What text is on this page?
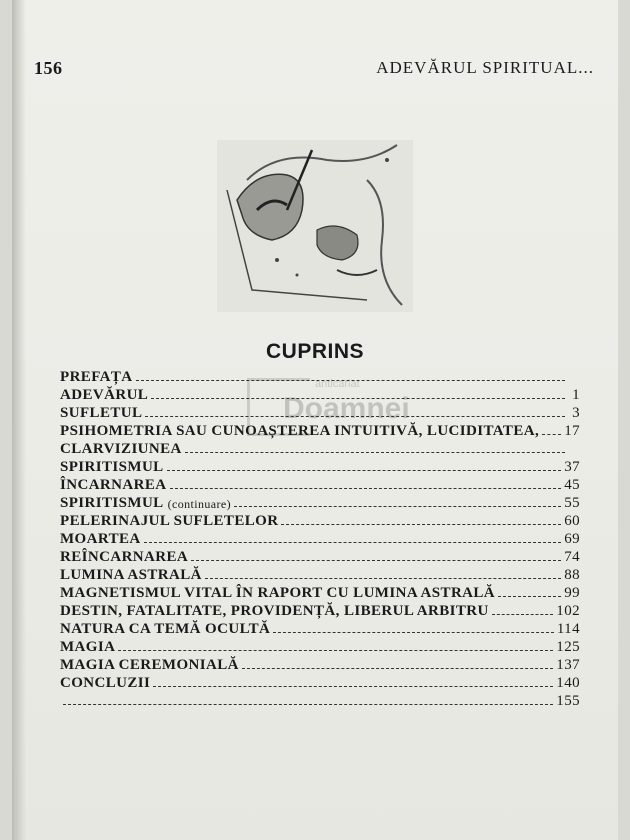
156	ADEVĂRUL SPIRITUAL...
CUPRINS
anticariat
Doamnei
PREFAȚA
ADEVĂRUL	1
SUFLETUL	3
PSIHOMETRIA SAU CUNOAȘTEREA INTUITIVĂ, LUCIDITATEA, 17
CLARVIZIUNEA
SPIRITISMUL	37
ÎNCARNAREA	45
SPIRITISMUL (continuare)	55
PELERINAJUL SUFLETELOR	60
MOARTEA	69
REÎNCARNAREA	74
LUMINA ASTRALĂ	88
MAGNETISMUL VITAL ÎN RAPORT CU LUMINA ASTRALĂ	99
DESTIN, FATALITATE, PROVIDENȚĂ, LIBERUL ARBITRU	102
NATURA CA TEMĂ OCULTĂ	114
MAGIA	125
MAGIA CEREMONIALĂ	137
CONCLUZII	140
155
